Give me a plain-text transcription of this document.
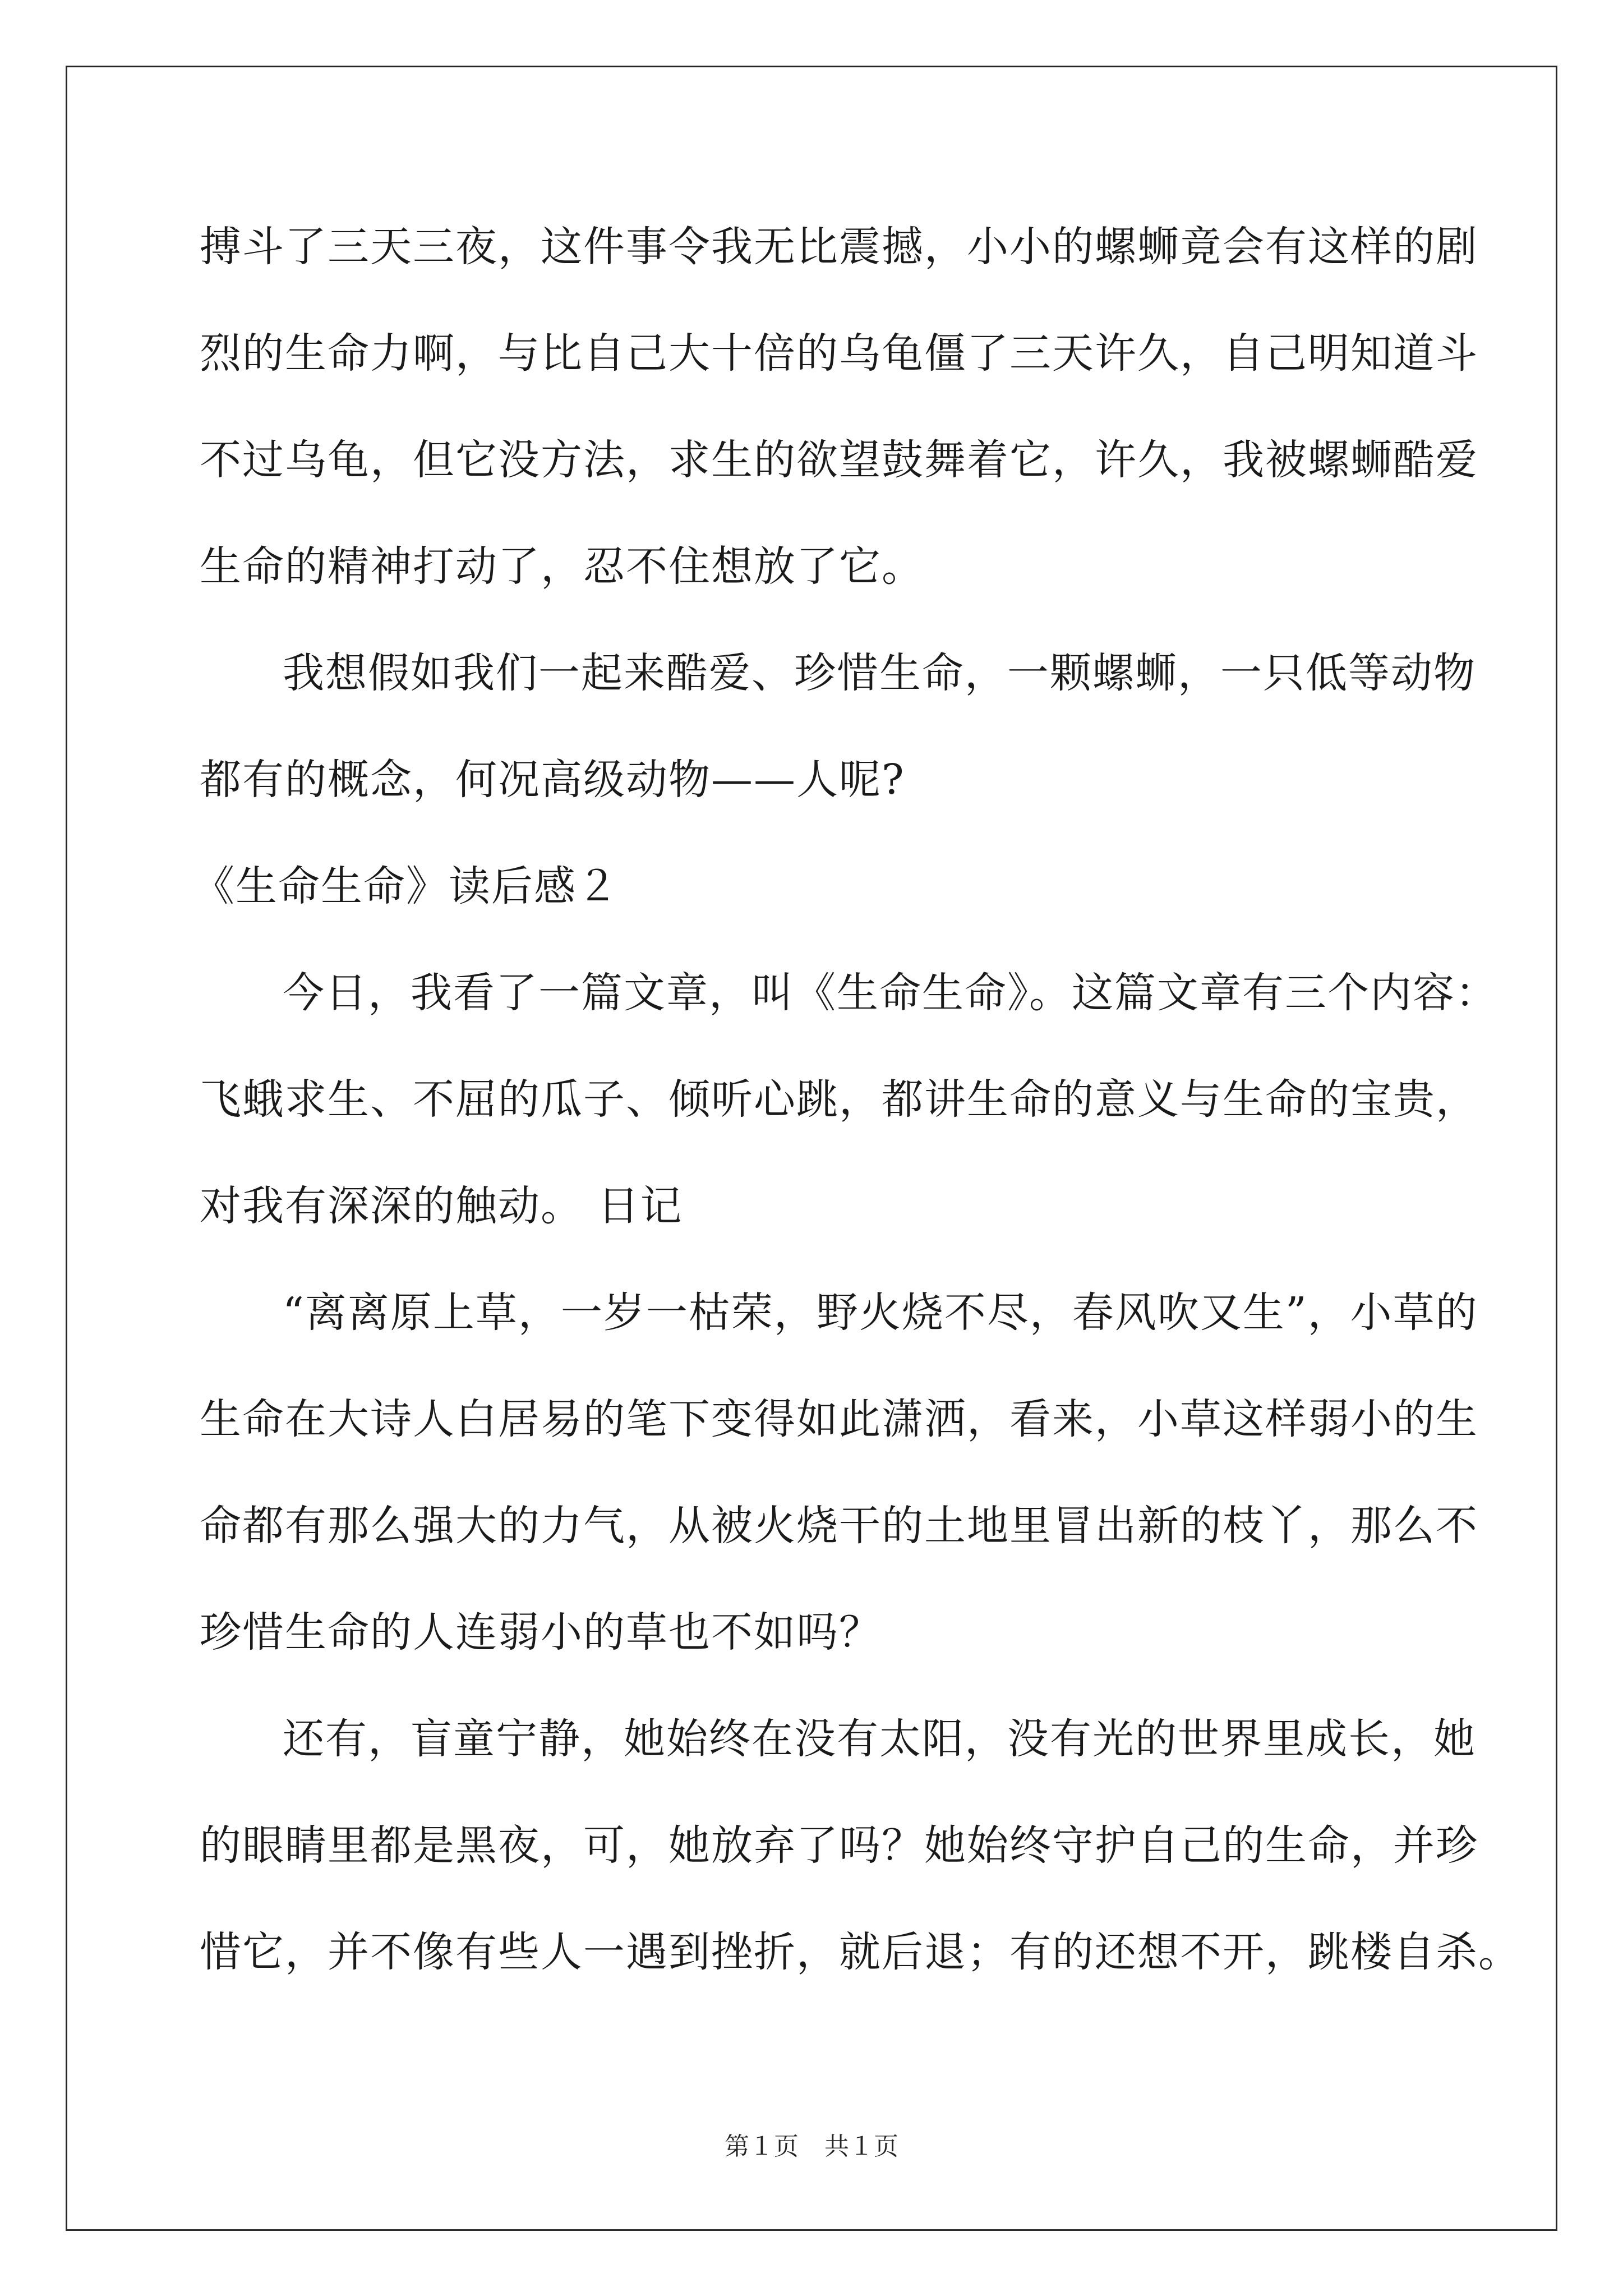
搏斗了三天三夜，这件事令我无比震撼，小小的螺蛳竟会有这样的剧
烈的生命力啊，与比自己大十倍的乌龟僵了三天许久，自己明知道斗
不过乌龟，但它没方法，求生的欲望鼓舞着它，许久，我被螺蛳酷爱
生命的精神打动了，忍不住想放了它。
我想假如我们一起来酷爱、珍惜生命，一颗螺蛳，一只低等动物
都有的概念，何况高级动物——人呢?
《生命生命》读后感２
今日，我看了一篇文章，叫《生命生命》。这篇文章有三个内容：
飞蛾求生、不屈的瓜子、倾听心跳，都讲生命的意义与生命的宝贵，
对我有深深的触动。 日记
“离离原上草，一岁一枯荣，野火烧不尽，春风吹又生”，小草的
生命在大诗人白居易的笔下变得如此潇洒，看来，小草这样弱小的生
命都有那么强大的力气，从被火烧干的土地里冒出新的枝丫，那么不
珍惜生命的人连弱小的草也不如吗？
还有，盲童宁静，她始终在没有太阳，没有光的世界里成长，她
的眼睛里都是黑夜，可，她放弃了吗？她始终守护自己的生命，并珍
惜它，并不像有些人一遇到挫折，就后退；有的还想不开，跳楼自杀。
第１页 共１页
